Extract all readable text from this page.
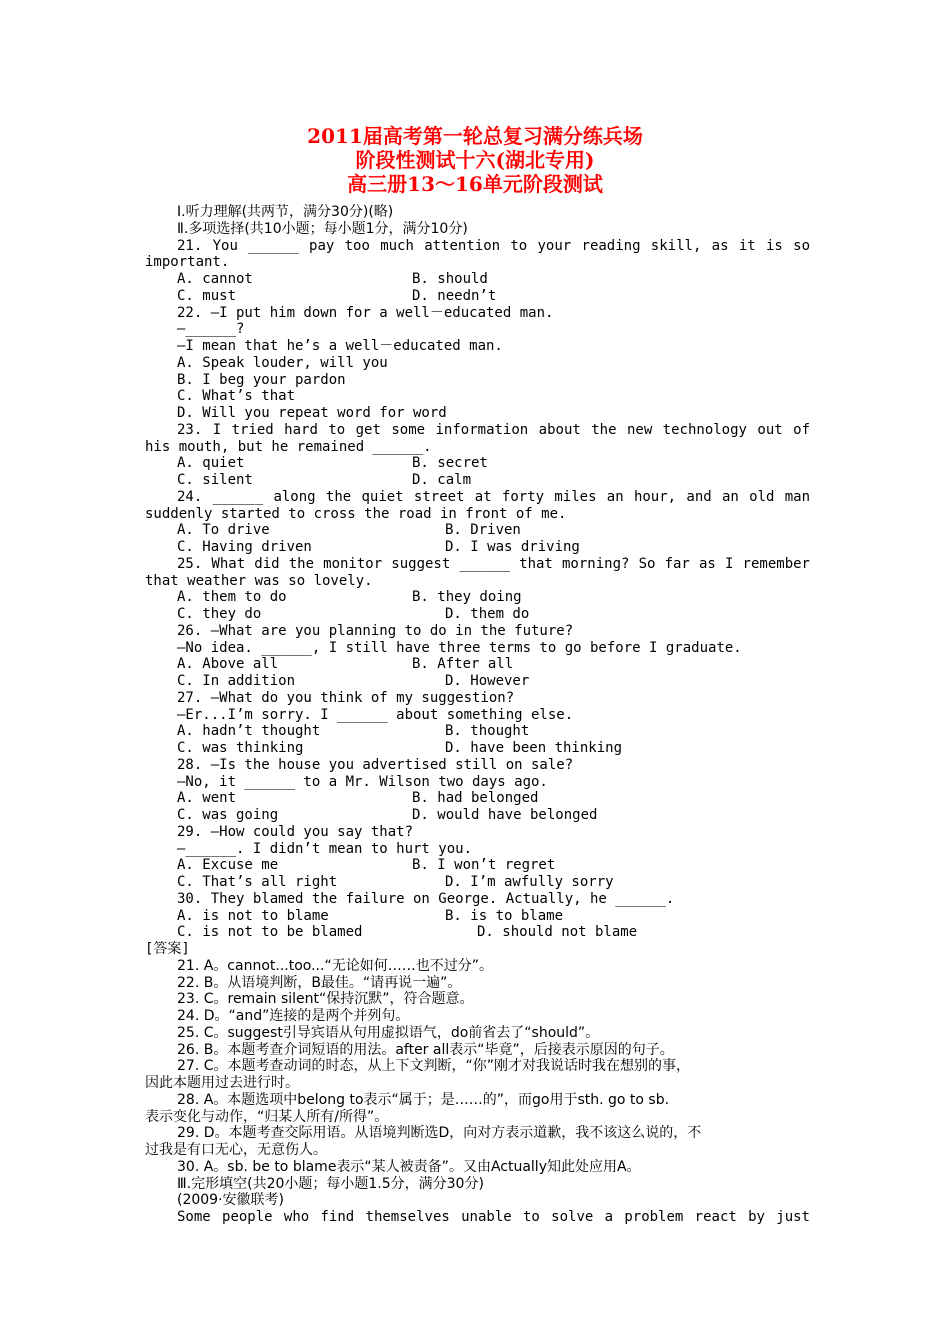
2011届高考第一轮总复习满分练兵场
阶段性测试十六(湖北专用)
高三册13～16单元阶段测试
Ⅰ.听力理解(共两节，满分30分)(略)
Ⅱ.多项选择(共10小题；每小题1分，满分10分)
21. You ______ pay too much attention to your reading skill, as it is so
important.
A. cannot	B. should
C. must	D. needn’t
22. —I put him down for a well－educated man.
—______?
—I mean that he’s a well－educated man.
A. Speak louder, will you
B. I beg your pardon
C. What’s that
D. Will you repeat word for word
23. I tried hard to get some information about the new technology out of
his mouth, but he remained ______.
A. quiet	B. secret
C. silent	D. calm
24. ______ along the quiet street at forty miles an hour, and an old man
suddenly started to cross the road in front of me.
A. To drive	B. Driven
C. Having driven	D. I was driving
25. What did the monitor suggest ______ that morning? So far as I remember
that weather was so lovely.
A. them to do	B. they doing
C. they do	D. them do
26. —What are you planning to do in the future?
—No idea. ______, I still have three terms to go before I graduate.
A. Above all	B. After all
C. In addition	D. However
27. —What do you think of my suggestion?
—Er...I’m sorry. I ______ about something else.
A. hadn’t thought	B. thought
C. was thinking	D. have been thinking
28. —Is the house you advertised still on sale?
—No, it ______ to a Mr. Wilson two days ago.
A. went	B. had belonged
C. was going	D. would have belonged
29. —How could you say that?
—______. I didn’t mean to hurt you.
A. Excuse me	B. I won’t regret
C. That’s all right	D. I’m awfully sorry
30. They blamed the failure on George. Actually, he ______.
A. is not to blame	B. is to blame
C. is not to be blamed	D. should not blame
[答案]
21. A。cannot...too...“无论如何……也不过分”。
22. B。从语境判断，B最佳。“请再说一遍”。
23. C。remain silent“保持沉默”，符合题意。
24. D。“and”连接的是两个并列句。
25. C。suggest引导宾语从句用虚拟语气，do前省去了“should”。
26. B。本题考查介词短语的用法。after all表示“毕竟”，后接表示原因的句子。
27. C。本题考查动词的时态，从上下文判断，“你”刚才对我说话时我在想别的事，
因此本题用过去进行时。
28. A。本题选项中belong to表示“属于；是……的”，而go用于sth. go to sb.
表示变化与动作，“归某人所有/所得”。
29. D。本题考查交际用语。从语境判断选D，向对方表示道歉，我不该这么说的，不
过我是有口无心，无意伤人。
30. A。sb. be to blame表示“某人被责备”。又由Actually知此处应用A。
Ⅲ.完形填空(共20小题；每小题1.5分，满分30分)
(2009·安徽联考)
Some people who find themselves unable to solve a problem react by just
